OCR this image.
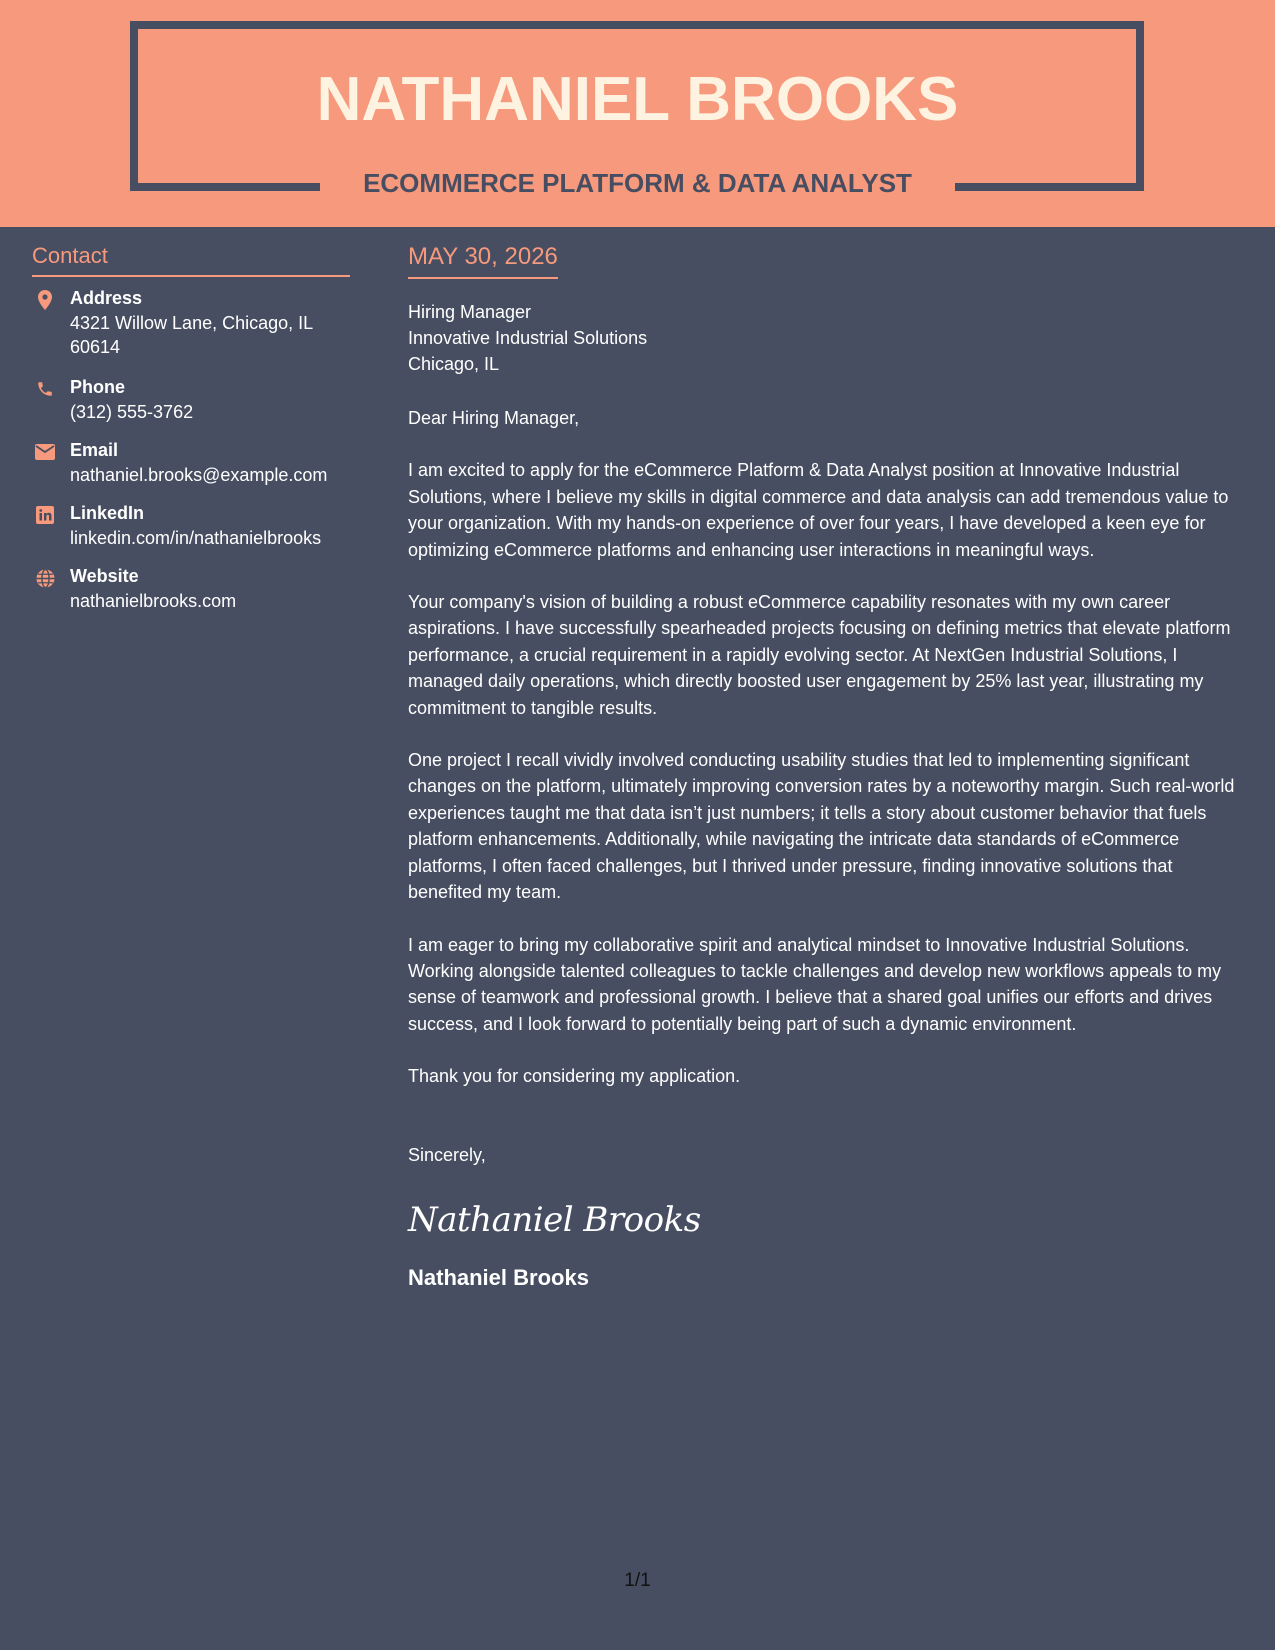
NATHANIEL BROOKS
ECOMMERCE PLATFORM & DATA ANALYST
Contact
Address
4321 Willow Lane, Chicago, IL 60614
Phone
(312) 555-3762
Email
nathaniel.brooks@example.com
LinkedIn
linkedin.com/in/nathanielbrooks
Website
nathanielbrooks.com
MAY 30, 2026
Hiring Manager
Innovative Industrial Solutions
Chicago, IL
Dear Hiring Manager,
I am excited to apply for the eCommerce Platform & Data Analyst position at Innovative Industrial Solutions, where I believe my skills in digital commerce and data analysis can add tremendous value to your organization. With my hands-on experience of over four years, I have developed a keen eye for optimizing eCommerce platforms and enhancing user interactions in meaningful ways.
Your company's vision of building a robust eCommerce capability resonates with my own career aspirations. I have successfully spearheaded projects focusing on defining metrics that elevate platform performance, a crucial requirement in a rapidly evolving sector. At NextGen Industrial Solutions, I managed daily operations, which directly boosted user engagement by 25% last year, illustrating my commitment to tangible results.
One project I recall vividly involved conducting usability studies that led to implementing significant changes on the platform, ultimately improving conversion rates by a noteworthy margin. Such real-world experiences taught me that data isn’t just numbers; it tells a story about customer behavior that fuels platform enhancements. Additionally, while navigating the intricate data standards of eCommerce platforms, I often faced challenges, but I thrived under pressure, finding innovative solutions that benefited my team.
I am eager to bring my collaborative spirit and analytical mindset to Innovative Industrial Solutions. Working alongside talented colleagues to tackle challenges and develop new workflows appeals to my sense of teamwork and professional growth. I believe that a shared goal unifies our efforts and drives success, and I look forward to potentially being part of such a dynamic environment.
Thank you for considering my application.
Sincerely,
Nathaniel Brooks
Nathaniel Brooks
1/1
